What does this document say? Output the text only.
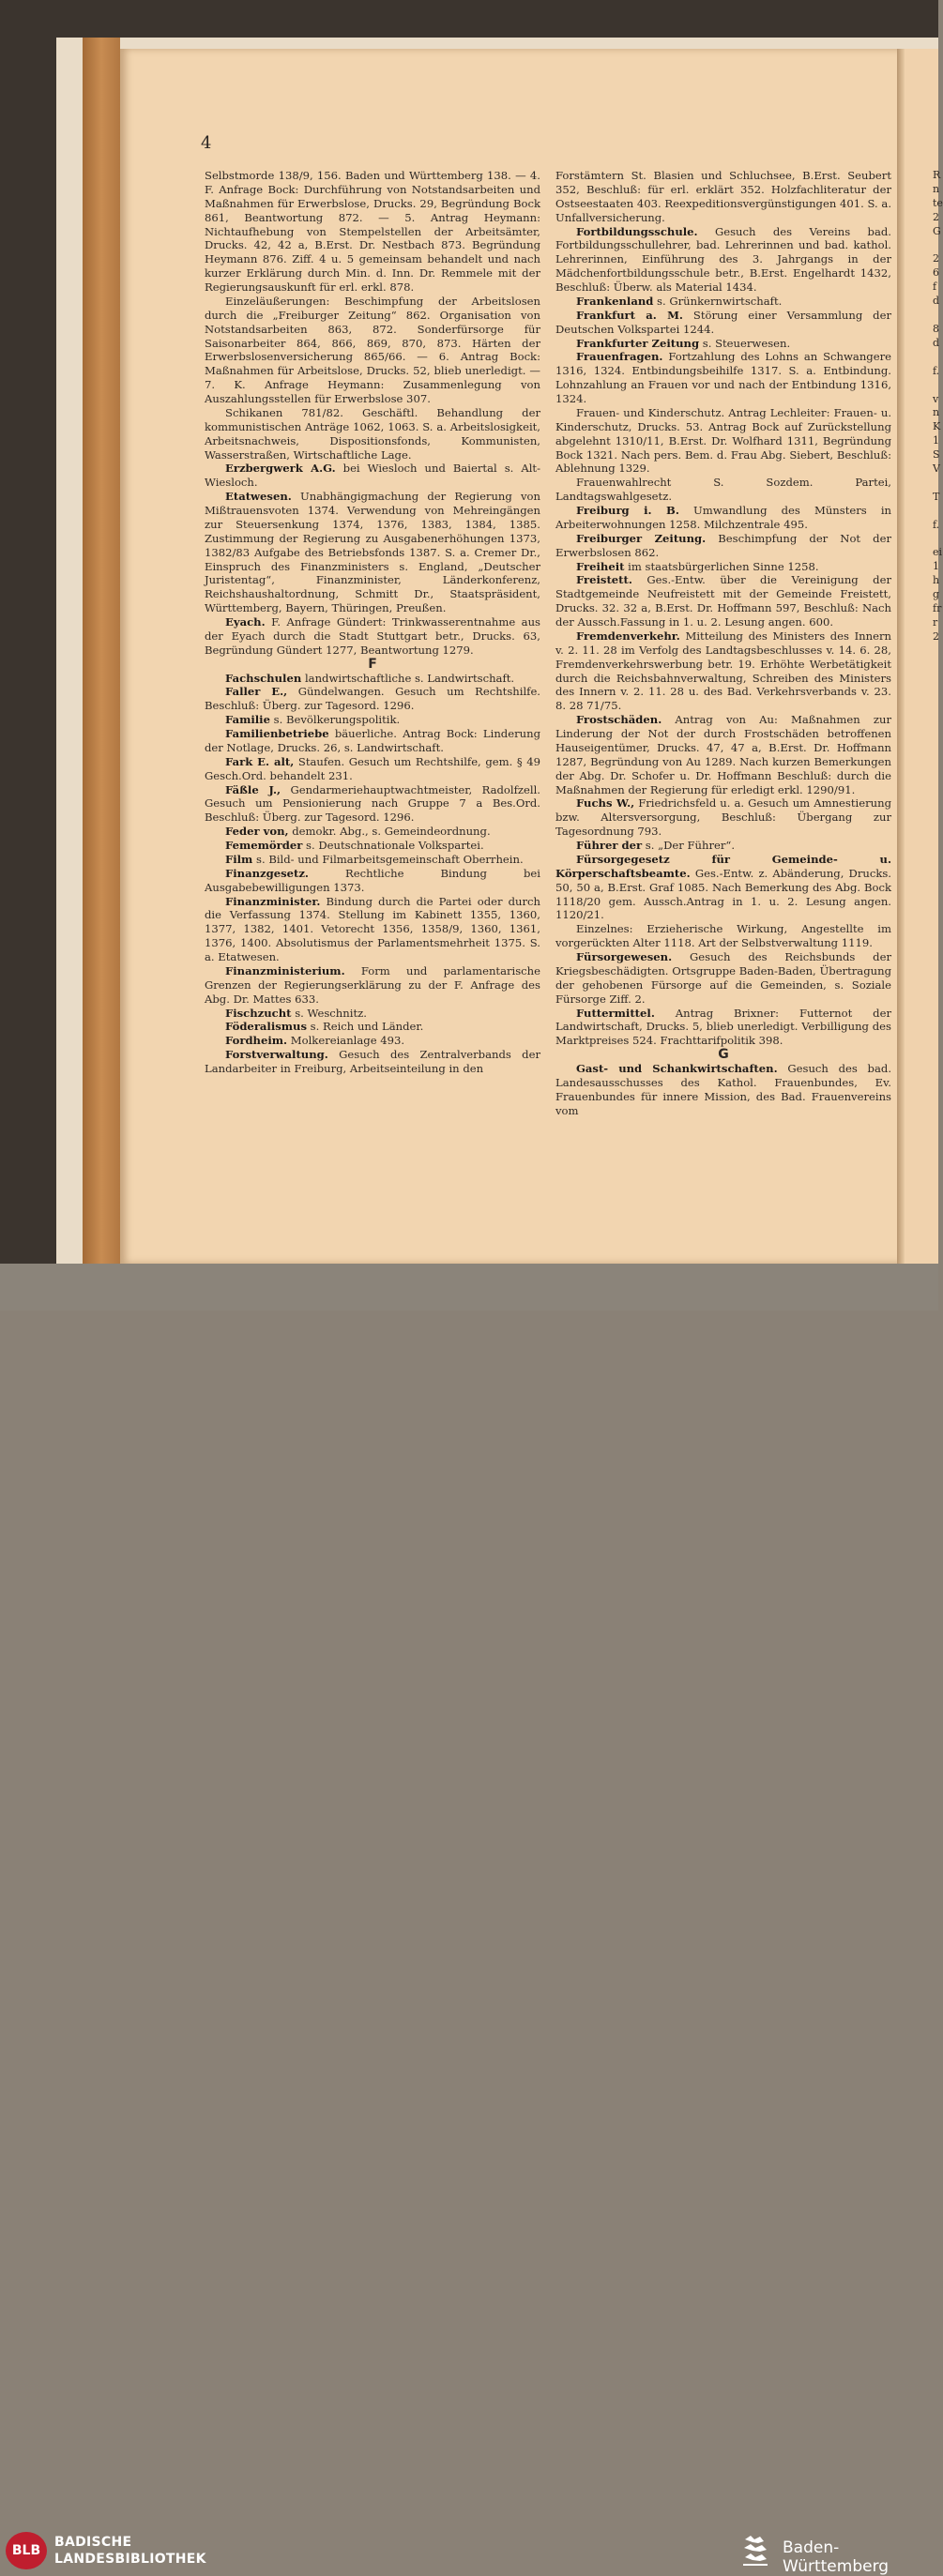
4

Selbstmorde 138/9, 156. Baden und Württemberg 138. — 4. F. Anfrage Bock: Durchführung von Notstandsarbeiten und Maßnahmen für Erwerbslose, Drucks. 29, Begründung Bock 861, Beantwortung 872. — 5. Antrag Heymann: Nichtaufhebung von Stempelstellen der Arbeitsämter, Drucks. 42, 42 a, B.Erst. Dr. Nestbach 873. Begründung Heymann 876. Ziff. 4 u. 5 gemeinsam behandelt und nach kurzer Erklärung durch Min. d. Inn. Dr. Remmele mit der Regierungsauskunft für erl. erkl. 878.

Einzeläußerungen: Beschimpfung der Arbeitslosen durch die „Freiburger Zeitung“ 862. Organisation von Notstandsarbeiten 863, 872. Sonderfürsorge für Saisonarbeiter 864, 866, 869, 870, 873. Härten der Erwerbslosenversicherung 865/66. — 6. Antrag Bock: Maßnahmen für Arbeitslose, Drucks. 52, blieb unerledigt. — 7. K. Anfrage Heymann: Zusammenlegung von Auszahlungsstellen für Erwerbslose 307.

Schikanen 781/82. Geschäftl. Behandlung der kommunistischen Anträge 1062, 1063. S. a. Arbeitslosigkeit, Arbeitsnachweis, Dispositionsfonds, Kommunisten, Wasserstraßen, Wirtschaftliche Lage.

Erzbergwerk A.G. bei Wiesloch und Baiertal s. Alt-Wiesloch.

Etatwesen. Unabhängigmachung der Regierung von Mißtrauensvoten 1374. Verwendung von Mehreingängen zur Steuersenkung 1374, 1376, 1383, 1384, 1385. Zustimmung der Regierung zu Ausgabenerhöhungen 1373, 1382/83 Aufgabe des Betriebsfonds 1387. S. a. Cremer Dr., Einspruch des Finanzministers s. England, „Deutscher Juristentag“, Finanzminister, Länderkonferenz, Reichshaushaltordnung, Schmitt Dr., Staatspräsident, Württemberg, Bayern, Thüringen, Preußen.

Eyach. F. Anfrage Gündert: Trinkwasserentnahme aus der Eyach durch die Stadt Stuttgart betr., Drucks. 63, Begründung Gündert 1277, Beantwortung 1279.

F

Fachschulen landwirtschaftliche s. Landwirtschaft.

Faller E., Gündelwangen. Gesuch um Rechtshilfe. Beschluß: Überg. zur Tagesord. 1296.

Familie s. Bevölkerungspolitik.

Familienbetriebe bäuerliche. Antrag Bock: Linderung der Notlage, Drucks. 26, s. Landwirtschaft.

Fark E. alt, Staufen. Gesuch um Rechtshilfe, gem. § 49 Gesch.Ord. behandelt 231.

Fäßle J., Gendarmeriehauptwachtmeister, Radolfzell. Gesuch um Pensionierung nach Gruppe 7 a Bes.Ord. Beschluß: Überg. zur Tagesord. 1296.

Feder von, demokr. Abg., s. Gemeindeordnung.

Fememörder s. Deutschnationale Volkspartei.

Film s. Bild- und Filmarbeitsgemeinschaft Oberrhein.

Finanzgesetz. Rechtliche Bindung bei Ausgabebewilligungen 1373.

Finanzminister. Bindung durch die Partei oder durch die Verfassung 1374. Stellung im Kabinett 1355, 1360, 1377, 1382, 1401. Vetorecht 1356, 1358/9, 1360, 1361, 1376, 1400. Absolutismus der Parlamentsmehrheit 1375. S. a. Etatwesen.

Finanzministerium. Form und parlamentarische Grenzen der Regierungserklärung zu der F. Anfrage des Abg. Dr. Mattes 633.

Fischzucht s. Weschnitz.

Föderalismus s. Reich und Länder.

Fordheim. Molkereianlage 493.

Forstverwaltung. Gesuch des Zentralverbands der Landarbeiter in Freiburg, Arbeitseinteilung in den

Forstämtern St. Blasien und Schluchsee, B.Erst. Seubert 352, Beschluß: für erl. erklärt 352. Holzfachliteratur der Ostseestaaten 403. Reexpeditionsvergünstigungen 401. S. a. Unfallversicherung.

Fortbildungsschule. Gesuch des Vereins bad. Fortbildungsschullehrer, bad. Lehrerinnen und bad. kathol. Lehrerinnen, Einführung des 3. Jahrgangs in der Mädchenfortbildungsschule betr., B.Erst. Engelhardt 1432, Beschluß: Überw. als Material 1434.

Frankenland s. Grünkernwirtschaft.

Frankfurt a. M. Störung einer Versammlung der Deutschen Volkspartei 1244.

Frankfurter Zeitung s. Steuerwesen.

Frauenfragen. Fortzahlung des Lohns an Schwangere 1316, 1324. Entbindungsbeihilfe 1317. S. a. Entbindung. Lohnzahlung an Frauen vor und nach der Entbindung 1316, 1324.

Frauen- und Kinderschutz. Antrag Lechleiter: Frauen- u. Kinderschutz, Drucks. 53. Antrag Bock auf Zurückstellung abgelehnt 1310/11, B.Erst. Dr. Wolfhard 1311, Begründung Bock 1321. Nach pers. Bem. d. Frau Abg. Siebert, Beschluß: Ablehnung 1329.

Frauenwahlrecht S. Sozdem. Partei, Landtagswahlgesetz.

Freiburg i. B. Umwandlung des Münsters in Arbeiterwohnungen 1258. Milchzentrale 495.

Freiburger Zeitung. Beschimpfung der Not der Erwerbslosen 862.

Freiheit im staatsbürgerlichen Sinne 1258.

Freistett. Ges.-Entw. über die Vereinigung der Stadtgemeinde Neufreistett mit der Gemeinde Freistett, Drucks. 32. 32 a, B.Erst. Dr. Hoffmann 597, Beschluß: Nach der Aussch.Fassung in 1. u. 2. Lesung angen. 600.

Fremdenverkehr. Mitteilung des Ministers des Innern v. 2. 11. 28 im Verfolg des Landtagsbeschlusses v. 14. 6. 28, Fremdenverkehrswerbung betr. 19. Erhöhte Werbetätigkeit durch die Reichsbahnverwaltung, Schreiben des Ministers des Innern v. 2. 11. 28 u. des Bad. Verkehrsverbands v. 23. 8. 28 71/75.

Frostschäden. Antrag von Au: Maßnahmen zur Linderung der Not der durch Frostschäden betroffenen Hauseigentümer, Drucks. 47, 47 a, B.Erst. Dr. Hoffmann 1287, Begründung von Au 1289. Nach kurzen Bemerkungen der Abg. Dr. Schofer u. Dr. Hoffmann Beschluß: durch die Maßnahmen der Regierung für erledigt erkl. 1290/91.

Fuchs W., Friedrichsfeld u. a. Gesuch um Amnestierung bzw. Altersversorgung, Beschluß: Übergang zur Tagesordnung 793.

Führer der s. „Der Führer“.

Fürsorgegesetz für Gemeinde- u. Körperschaftsbeamte. Ges.-Entw. z. Abänderung, Drucks. 50, 50 a, B.Erst. Graf 1085. Nach Bemerkung des Abg. Bock 1118/20 gem. Aussch.Antrag in 1. u. 2. Lesung angen. 1120/21.

Einzelnes: Erzieherische Wirkung, Angestellte im vorgerückten Alter 1118. Art der Selbstverwaltung 1119.

Fürsorgewesen. Gesuch des Reichsbunds der Kriegsbeschädigten. Ortsgruppe Baden-Baden, Übertragung der gehobenen Fürsorge auf die Gemeinden, s. Soziale Fürsorge Ziff. 2.

Futtermittel. Antrag Brixner: Futternot der Landwirtschaft, Drucks. 5, blieb unerledigt. Verbilligung des Marktpreises 524. Frachttarifpolitik 398.

G

Gast- und Schankwirtschaften. Gesuch des bad. Landesausschusses des Kathol. Frauenbundes, Ev. Frauenbundes für innere Mission, des Bad. Frauenvereins vom

R
n
te
2
G

2
6
f
d

8
d

f.

v
n
K
1
S
V

T

f.

ei
1
h
g
fr
r
2

BLB
BADISCHE
LANDESBIBLIOTHEK
Baden-Württemberg
